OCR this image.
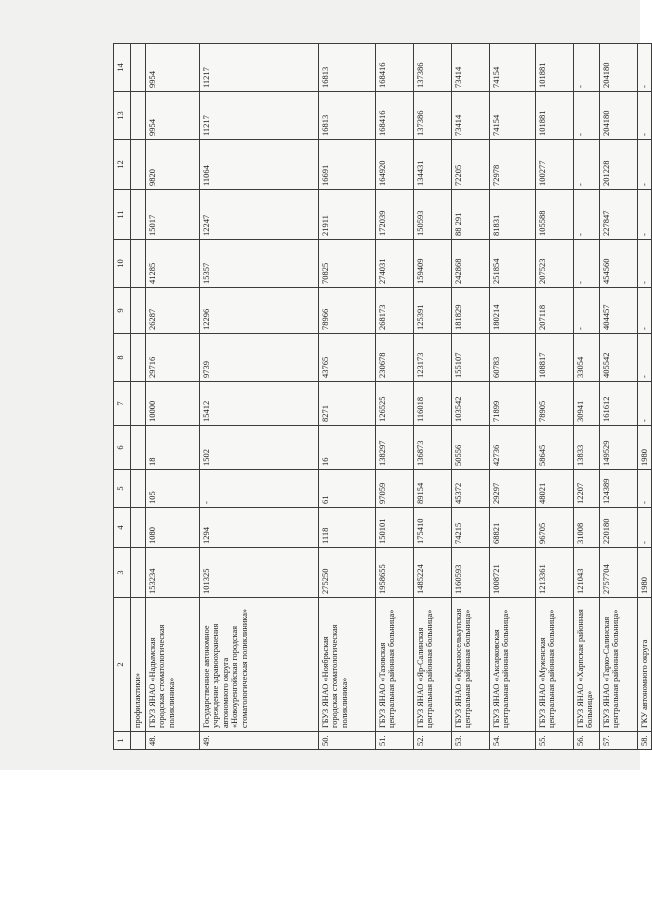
1	2	3	4	5	6	7	8	9	10	11	12	13	14
	профилактики»												
48.	ГБУЗ ЯНАО «Надымская городская стоматологическая поликлиника»	153234	1080	105	18	10000	29716	26287	41285	15017	9820	9954	9954
49.	Государственное автономное учреждение здравоохранения автономного округа «Новоуренгойская городская стоматологическая поликлиника»	101325	1294	-	1502	15412	9739	12296	15357	12247	11064	11217	11217
50.	ГБУЗ ЯНАО «Ноябрьская городская стоматологическая поликлиника»	275250	1118	61	16	8271	43765	78966	70825	21911	16691	16813	16813
51.	ГБУЗ ЯНАО «Тазовская центральная районная больница»	1958655	150101	97059	138297	126525	230678	268173	274031	172039	164920	168416	168416
52.	ГБУЗ ЯНАО «Яр-Салинская центральная районная больница»	1485224	175410	89154	136873	116018	123173	125391	159409	150593	134431	137386	137386
53.	ГБУЗ ЯНАО «Красноселькупская центральная районная больница»	1160593	74215	45372	50556	103542	155107	181829	242868	88 291	72205	73414	73414
54.	ГБУЗ ЯНАО «Аксарковская центральная районная больница»	1008721	68821	29297	42736	71899	60783	180214	251854	81831	72978	74154	74154
55.	ГБУЗ ЯНАО «Муженская центральная районная больница»	1213361	96705	48021	58645	78905	108817	207118	207523	105588	100277	101881	101881
56.	ГБУЗ ЯНАО «Харпская районная больница»	121043	31008	12207	13833	30941	33054	-	-	-	-	-	-
57.	ГБУЗ ЯНАО «Тарко-Салинская центральная районная больница»	2757704	220180	124389	149529	161612	405542	404457	454560	227847	201228	204180	204180
58.	ГКУ автономного округа	1980	-	-	1980	-	-	-	-	-	-	-	-
